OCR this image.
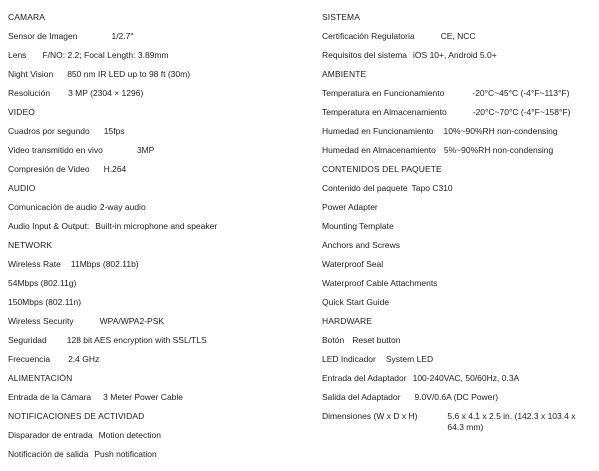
CAMARA
Sensor de Imagen	1/2.7"
Lens F/NO: 2.2; Focal Length: 3.89mm
Night Vision 850 nm IR LED up to 98 ft (30m)
Resolución 3 MP (2304 × 1296)
VIDEO
Cuadros por segundo 15fps
Video transmitido en vivo	3MP
Compresión de Video H.264
AUDIO
Comunicación de audio 2-way audio
Audio Input & Output: Built-in microphone and speaker
NETWORK
Wireless Rate 11Mbps (802.11b)
54Mbps (802.11g)
150Mbps (802.11n)
Wireless Security	WPA/WPA2-PSK
Seguridad 128 bit AES encryption with SSL/TLS
Frecuencia 2.4 GHz
ALIMENTACIÓN
Entrada de la Cámara 3 Meter Power Cable
NOTIFICACIONES DE ACTIVIDAD
Disparador de entrada Motion detection
Notificación de salida Push notification
SISTEMA
Certificación Regulatoria	CE, NCC
Requisitos del sistema iOS 10+, Android 5.0+
AMBIENTE
Temperatura en Funcionamiento	-20°C~45°C (-4°F~113°F)
Temperatura en Almacenamiento	-20°C~70°C (-4°F~158°F)
Humedad en Funcionamiento 10%~90%RH non-condensing
Humedad en Almacenamiento 5%~90%RH non-condensing
CONTENIDOS DEL PAQUETE
Contenido del paquete Tapo C310
Power Adapter
Mounting Template
Anchors and Screws
Waterproof Seal
Waterproof Cable Attachments
Quick Start Guide
HARDWARE
Botón Reset button
LED Indicador System LED
Entrada del Adaptador 100-240VAC, 50/60Hz, 0.3A
Salida del Adaptador 9.0V/0.6A (DC Power)
Dimensiones (W x D x H)	5.6 x 4.1 x 2.5 in. (142.3 x 103.4 x 64.3 mm)
